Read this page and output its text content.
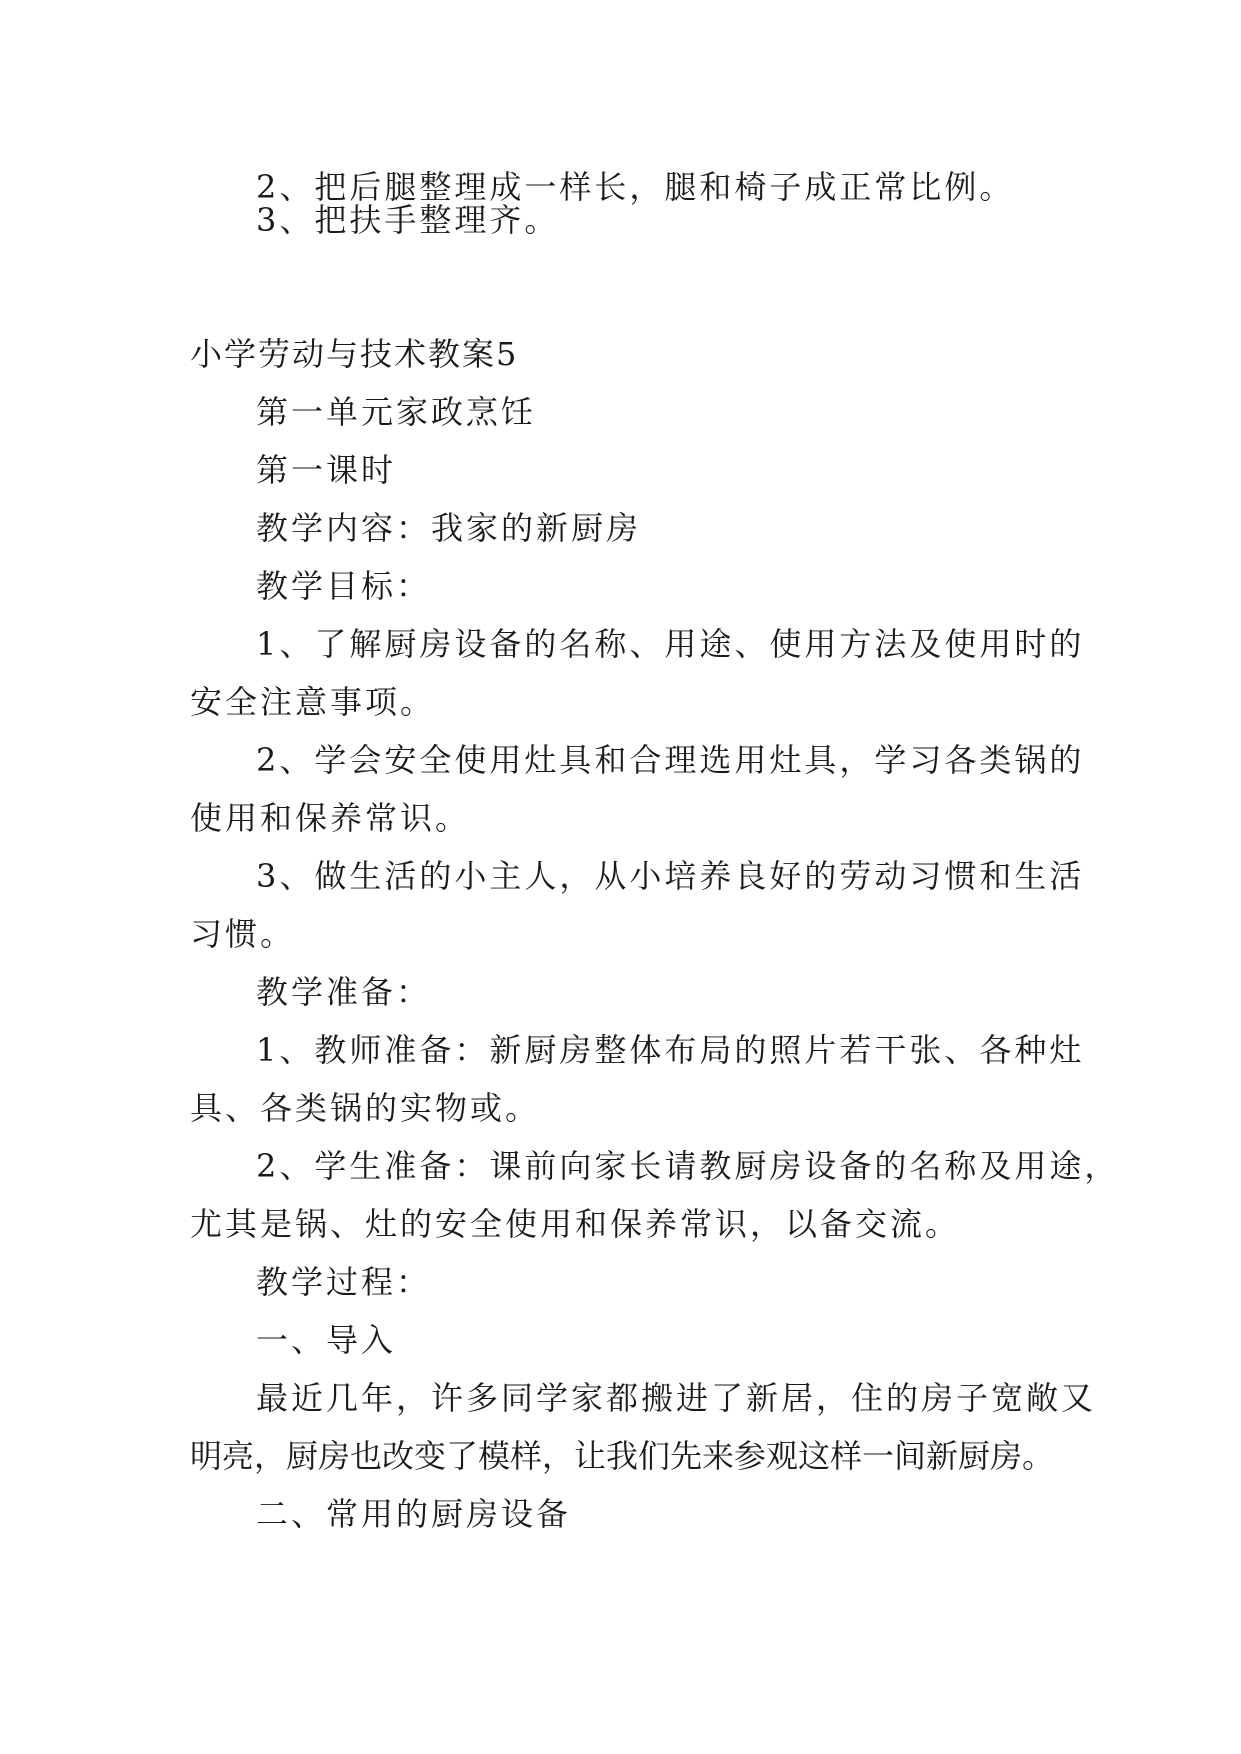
2、把后腿整理成一样长，腿和椅子成正常比例。
3、把扶手整理齐。
小学劳动与技术教案5
第一单元家政烹饪
第一课时
教学内容：我家的新厨房
教学目标：
1、了解厨房设备的名称、用途、使用方法及使用时的
安全注意事项。
2、学会安全使用灶具和合理选用灶具，学习各类锅的
使用和保养常识。
3、做生活的小主人，从小培养良好的劳动习惯和生活
习惯。
教学准备：
1、教师准备：新厨房整体布局的照片若干张、各种灶
具、各类锅的实物或。
2、学生准备：课前向家长请教厨房设备的名称及用途，
尤其是锅、灶的安全使用和保养常识，以备交流。
教学过程：
一、导入
最近几年，许多同学家都搬进了新居，住的房子宽敞又
明亮，厨房也改变了模样，让我们先来参观这样一间新厨房。
二、常用的厨房设备
